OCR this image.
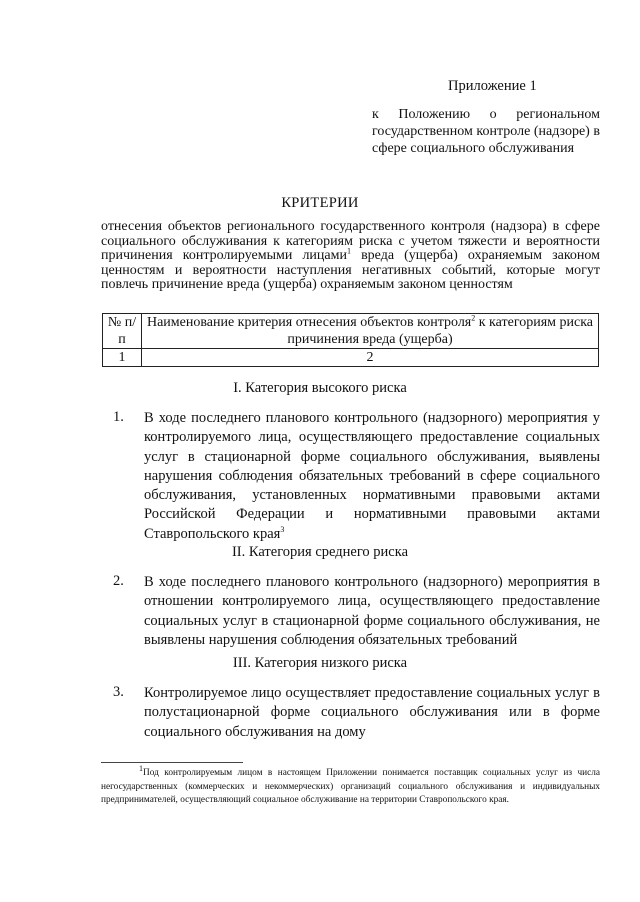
Приложение 1
к Положению о региональном государственном контроле (надзоре) в сфере социального обслуживания
КРИТЕРИИ
отнесения объектов регионального государственного контроля (надзора) в сфере социального обслуживания к категориям риска с учетом тяжести и вероятности причинения контролируемыми лицами$^1$ вреда (ущерба) охраняемым законом ценностям и вероятности наступления негативных событий, которые могут повлечь причинение вреда (ущерба) охраняемым законом ценностям
№ п/п	Наименование критерия отнесения объектов контроля$^2$ к категориям риска причинения вреда (ущерба)
1	2
I. Категория высокого риска
1. В ходе последнего планового контрольного (надзорного) мероприятия у контролируемого лица, осуществляющего предоставление социальных услуг в стационарной форме социального обслуживания, выявлены нарушения соблюдения обязательных требований в сфере социального обслуживания, установленных нормативными правовыми актами Российской Федерации и нормативными правовыми актами Ставропольского края$^3$
II. Категория среднего риска
2. В ходе последнего планового контрольного (надзорного) мероприятия в отношении контролируемого лица, осуществляющего предоставление социальных услуг в стационарной форме социального обслуживания, не выявлены нарушения соблюдения обязательных требований
III. Категория низкого риска
3. Контролируемое лицо осуществляет предоставление социальных услуг в полустационарной форме социального обслуживания или в форме социального обслуживания на дому
$^1$Под контролируемым лицом в настоящем Приложении понимается поставщик социальных услуг из числа негосударственных (коммерческих и некоммерческих) организаций социального обслуживания и индивидуальных предпринимателей, осуществляющий социальное обслуживание на территории Ставропольского края.
